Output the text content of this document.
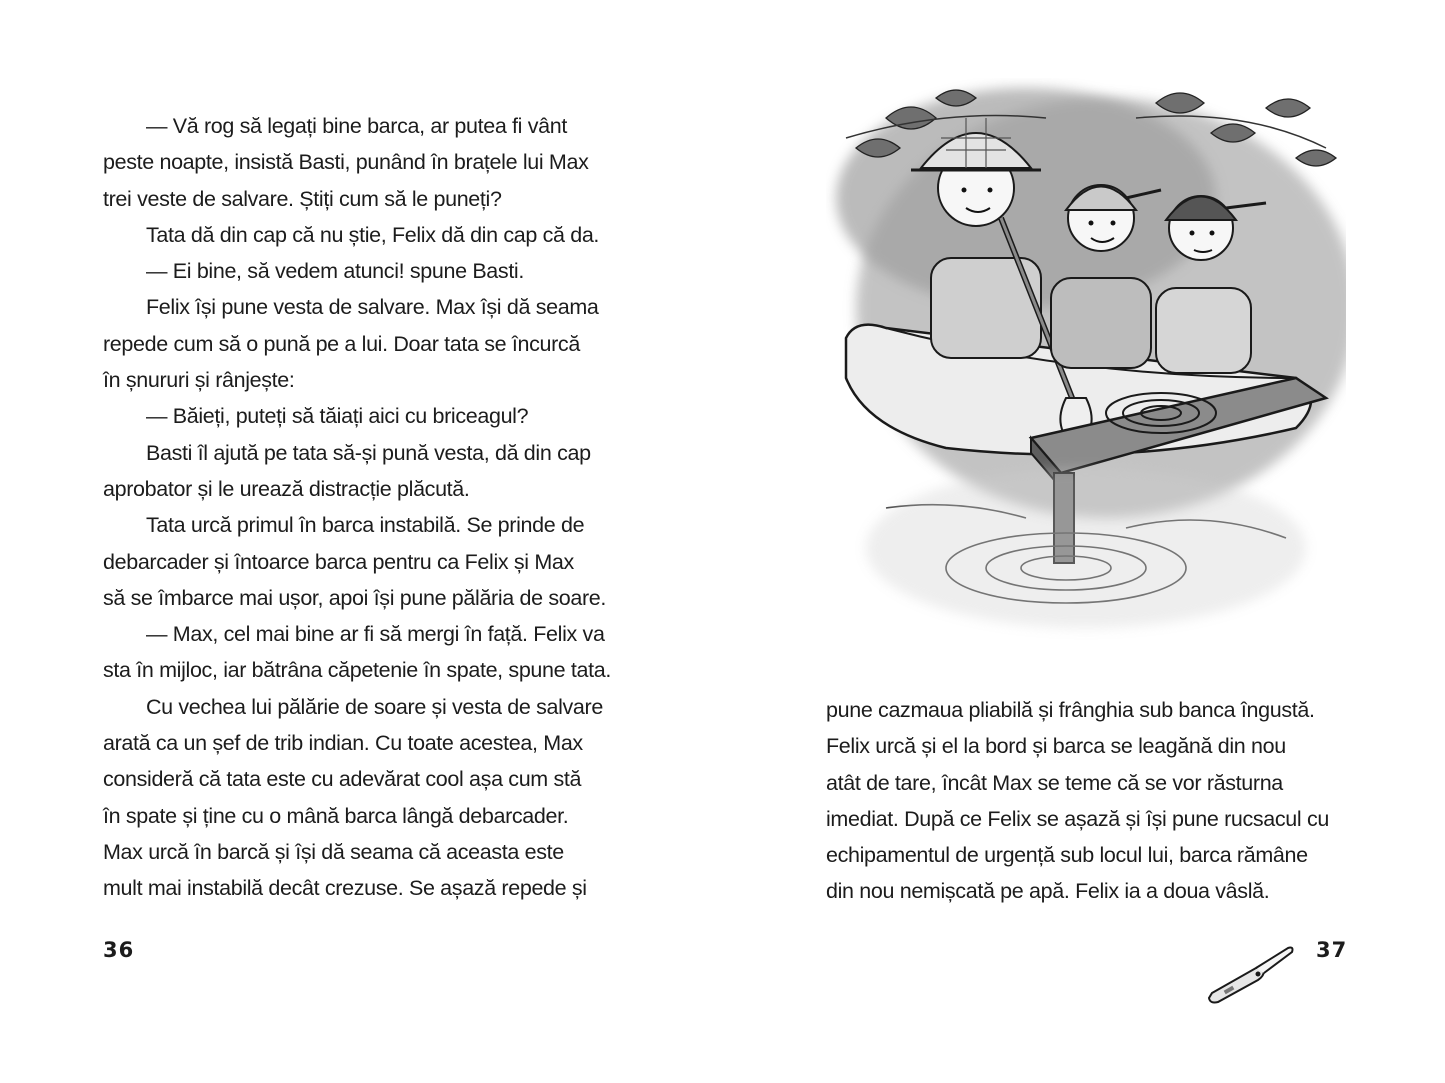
— Vă rog să legați bine barca, ar putea fi vânt
peste noapte, insistă Basti, punând în brațele lui Max
trei veste de salvare. Știți cum să le puneți?
Tata dă din cap că nu știe, Felix dă din cap că da.
— Ei bine, să vedem atunci! spune Basti.
Felix își pune vesta de salvare. Max își dă seama
repede cum să o pună pe a lui. Doar tata se încurcă
în șnururi și rânjește:
— Băieți, puteți să tăiați aici cu briceagul?
Basti îl ajută pe tata să-și pună vesta, dă din cap
aprobator și le urează distracție plăcută.
Tata urcă primul în barca instabilă. Se prinde de
debarcader și întoarce barca pentru ca Felix și Max
să se îmbarce mai ușor, apoi își pune pălăria de soare.
— Max, cel mai bine ar fi să mergi în față. Felix va
sta în mijloc, iar bătrâna căpetenie în spate, spune tata.
Cu vechea lui pălărie de soare și vesta de salvare
arată ca un șef de trib indian. Cu toate acestea, Max
consideră că tata este cu adevărat cool așa cum stă
în spate și ține cu o mână barca lângă debarcader.
Max urcă în barcă și își dă seama că aceasta este
mult mai instabilă decât crezuse. Se așază repede și
36
pune cazmaua pliabilă și frânghia sub banca îngustă.
Felix urcă și el la bord și barca se leagănă din nou
atât de tare, încât Max se teme că se vor răsturna
imediat. După ce Felix se așază și își pune rucsacul cu
echipamentul de urgență sub locul lui, barca rămâne
din nou nemișcată pe apă. Felix ia a doua vâslă.
37
